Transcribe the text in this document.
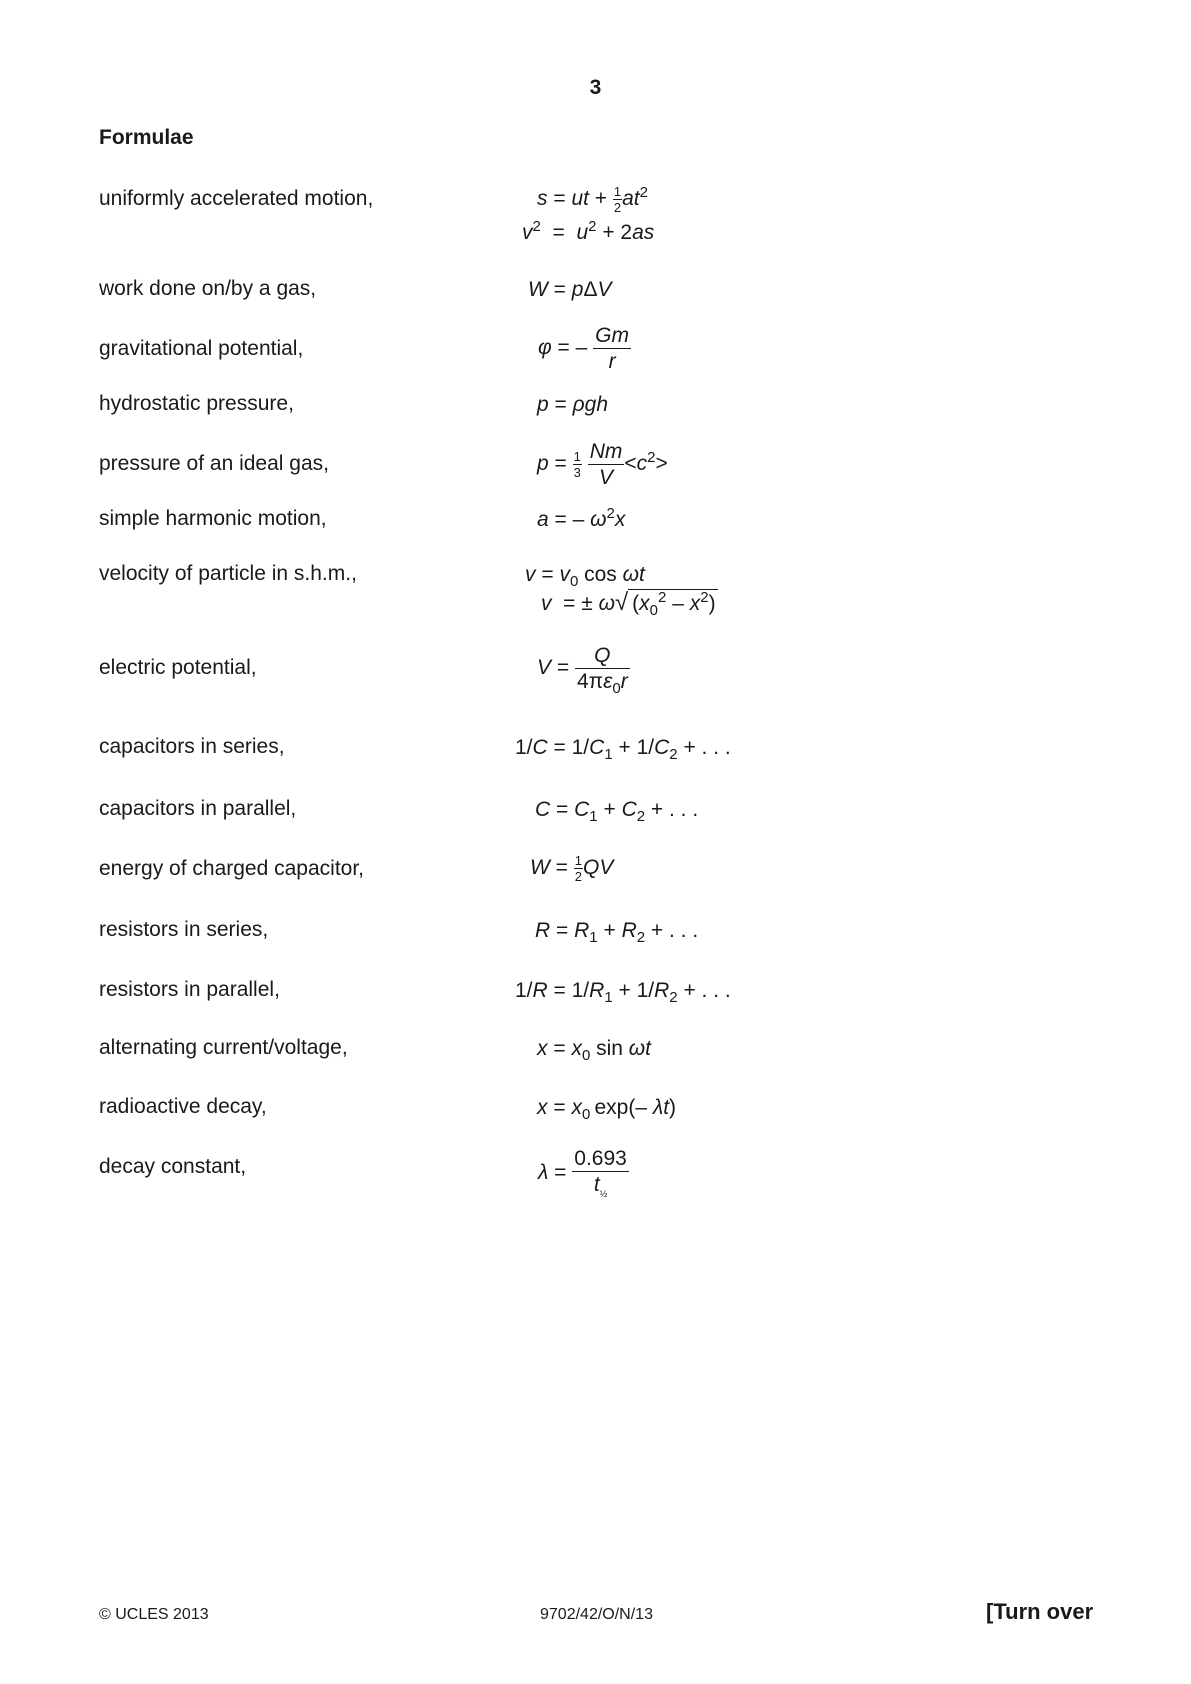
3
Formulae
uniformly accelerated motion,
work done on/by a gas,
gravitational potential,
hydrostatic pressure,
pressure of an ideal gas,
simple harmonic motion,
velocity of particle in s.h.m.,
electric potential,
capacitors in series,
capacitors in parallel,
energy of charged capacitor,
resistors in series,
resistors in parallel,
alternating current/voltage,
radioactive decay,
decay constant,
s = ut + $\frac{1}{2} at^2$
$v^2 = u^2 + 2as$
W = pΔV
φ = – $\frac{Gm}{r}$
p = ρgh
$p = \frac{1}{3}$
$\frac{Nm}{V} <c^2>$
a = – $\omega^2x$
$v = v_0$ cos ωt
v  = ± ω√ $(x_0^2 - x^2)$
$V = \frac{Q}{4\pi\varepsilon_0r}$
$1/C = 1/C_1 + 1/C_2$ + . . .
$C = C_1 + C_2$ + . . .
$W = \frac{1}{2}$ QV
$R = R_1 + R_2$ + . . .
$1/R = 1/R_1 + 1/R_2$ + . . .
$x = x_0$ sin ωt
$x = x_0$ exp(– λt)
$\lambda = \frac{0.693}{t_{\frac{1}{2}}}$
© UCLES 2013	9702/42/O/N/13	[Turn over
